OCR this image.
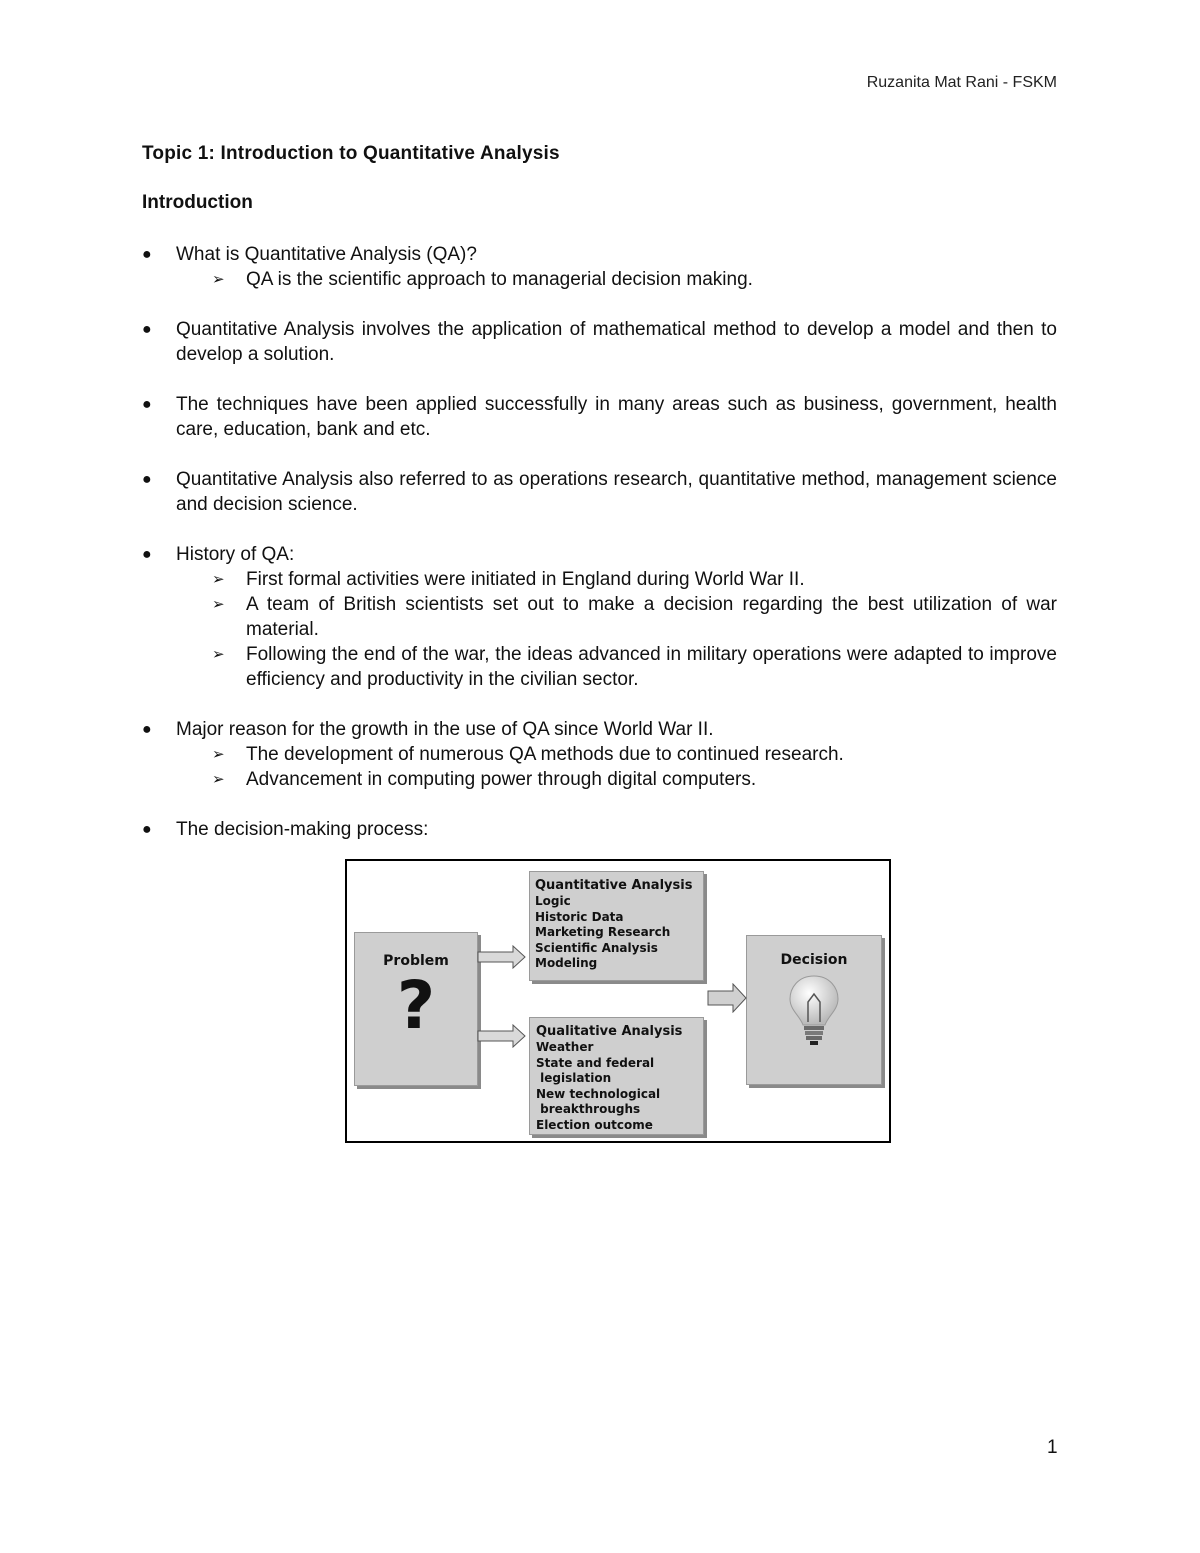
Ruzanita Mat Rani - FSKM
Topic 1: Introduction to Quantitative Analysis
Introduction
●	What is Quantitative Analysis (QA)?
➢ QA is the scientific approach to managerial decision making.
●	Quantitative Analysis involves the application of mathematical method to develop a model and then to develop a solution.
●	The techniques have been applied successfully in many areas such as business, government, health care, education, bank and etc.
●	Quantitative Analysis also referred to as operations research, quantitative method, management science and decision science.
●	History of QA:
➢ First formal activities were initiated in England during World War II.
➢ A team of British scientists set out to make a decision regarding the best utilization of war material.
➢ Following the end of the war, the ideas advanced in military operations were adapted to improve efficiency and productivity in the civilian sector.
●	Major reason for the growth in the use of QA since World War II.
➢ The development of numerous QA methods due to continued research.
➢ Advancement in computing power through digital computers.
●	The decision-making process:
Problem
?
Quantitative Analysis
Logic
Historic Data
Marketing Research
Scientific Analysis
Modeling
Qualitative Analysis
Weather
State and federal
legislation
New technological
breakthroughs
Election outcome
Decision
1
